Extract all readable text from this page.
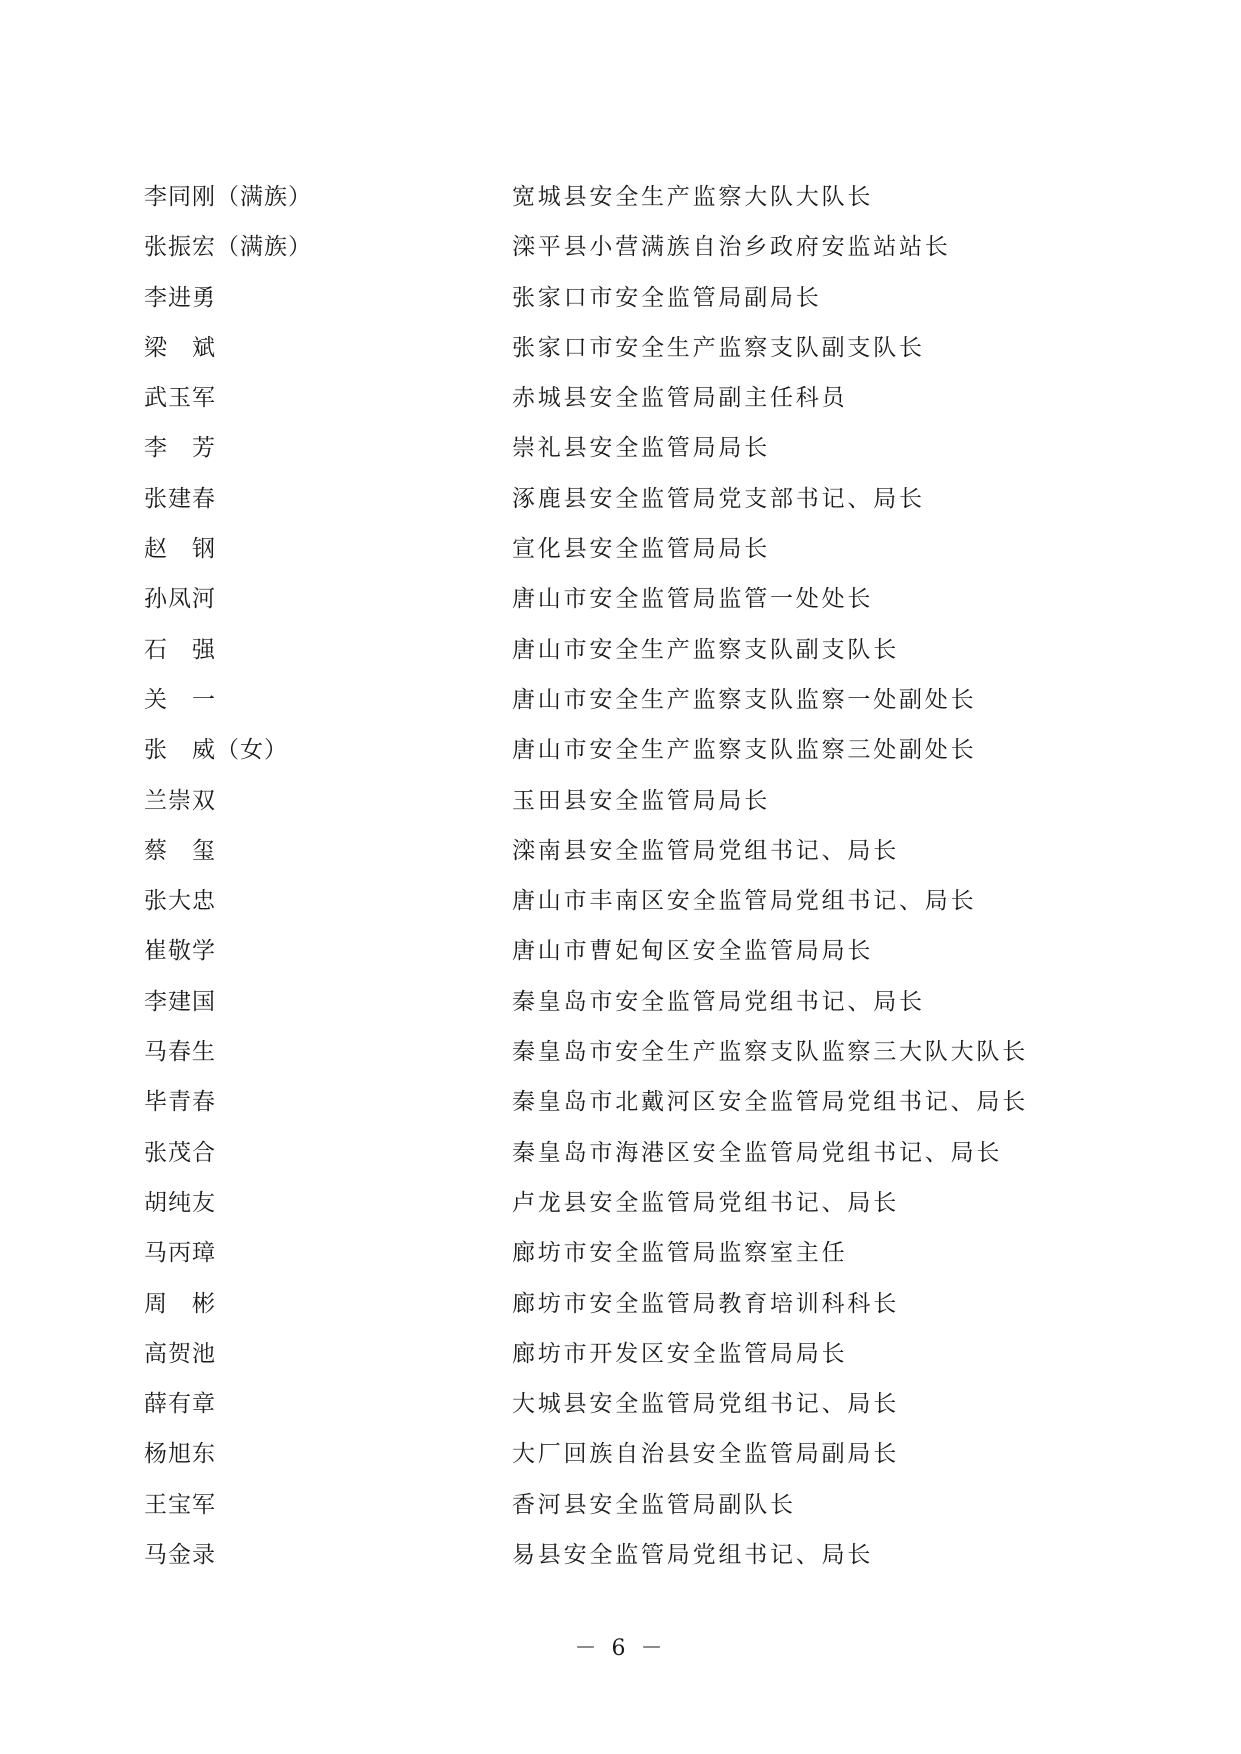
李同刚（满族）	宽城县安全生产监察大队大队长
张振宏（满族）	滦平县小营满族自治乡政府安监站站长
李进勇	张家口市安全监管局副局长
梁　斌	张家口市安全生产监察支队副支队长
武玉军	赤城县安全监管局副主任科员
李　芳	崇礼县安全监管局局长
张建春	涿鹿县安全监管局党支部书记、局长
赵　钢	宣化县安全监管局局长
孙凤河	唐山市安全监管局监管一处处长
石　强	唐山市安全生产监察支队副支队长
关　一	唐山市安全生产监察支队监察一处副处长
张　威（女）	唐山市安全生产监察支队监察三处副处长
兰崇双	玉田县安全监管局局长
蔡　玺	滦南县安全监管局党组书记、局长
张大忠	唐山市丰南区安全监管局党组书记、局长
崔敬学	唐山市曹妃甸区安全监管局局长
李建国	秦皇岛市安全监管局党组书记、局长
马春生	秦皇岛市安全生产监察支队监察三大队大队长
毕青春	秦皇岛市北戴河区安全监管局党组书记、局长
张茂合	秦皇岛市海港区安全监管局党组书记、局长
胡纯友	卢龙县安全监管局党组书记、局长
马丙璋	廊坊市安全监管局监察室主任
周　彬	廊坊市安全监管局教育培训科科长
高贺池	廊坊市开发区安全监管局局长
薛有章	大城县安全监管局党组书记、局长
杨旭东	大厂回族自治县安全监管局副局长
王宝军	香河县安全监管局副队长
马金录	易县安全监管局党组书记、局长
－ 6 －
